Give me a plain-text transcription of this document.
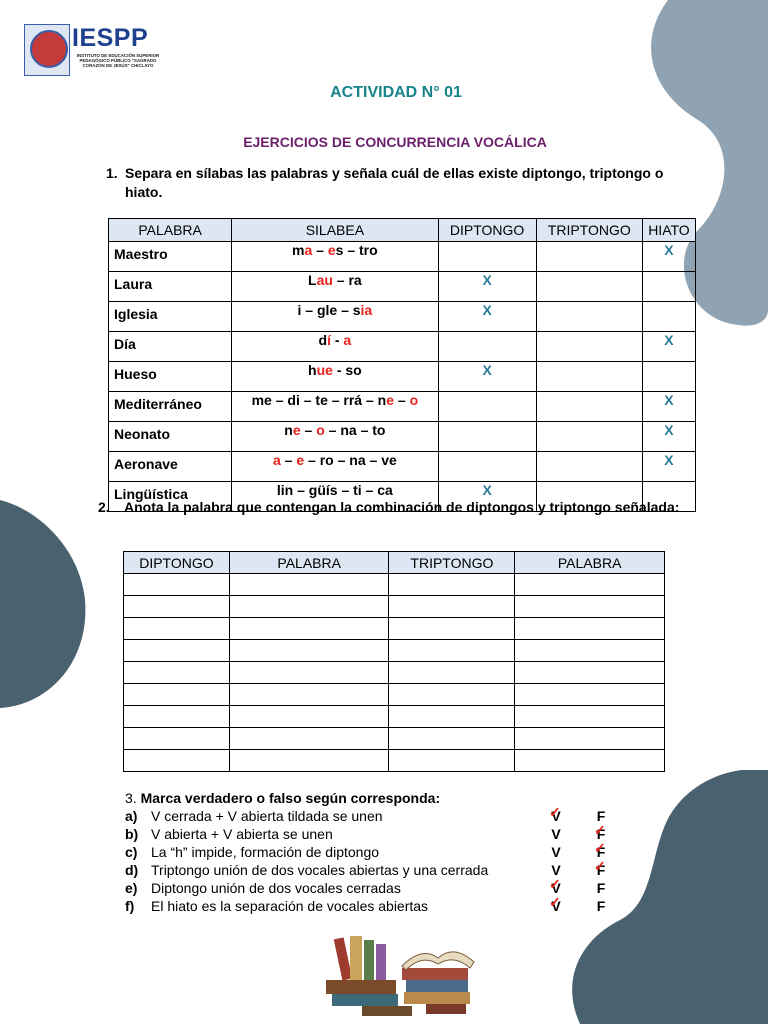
IESPP
INSTITUTO DE EDUCACIÓN SUPERIOR PEDAGÓGICO PÚBLICO "SAGRADO CORAZÓN DE JESÚS" CHICLAYO
ACTIVIDAD N° 01
EJERCICIOS DE CONCURRENCIA VOCÁLICA
1. Separa en sílabas las palabras y señala cuál de ellas existe diptongo, triptongo o hiato.
PALABRA	SILABEA	DIPTONGO	TRIPTONGO	HIATO
Maestro	ma – es – tro			X
Laura	Lau – ra	X		
Iglesia	i – gle – sia	X		
Día	dí - a			X
Hueso	hue - so	X		
Mediterráneo	me – di – te – rrá – ne – o			X
Neonato	ne – o – na – to			X
Aeronave	a – e – ro – na – ve			X
Lingüística	lin – güís – ti – ca	X		
2. Anota la palabra que contengan la combinación de diptongos y triptongo señalada:
DIPTONGO	PALABRA	TRIPTONGO	PALABRA

3. Marca verdadero o falso según corresponda:
a) V cerrada + V abierta tildada se unen	V ✓	F
b) V abierta + V abierta se unen	V	F ✓
c) La “h” impide, formación de diptongo	V	F ✓
d) Triptongo unión de dos vocales abiertas y una cerrada	V	F ✓
e) Diptongo unión de dos vocales cerradas	V ✓	F
f) El hiato es la separación de vocales abiertas	V ✓	F
